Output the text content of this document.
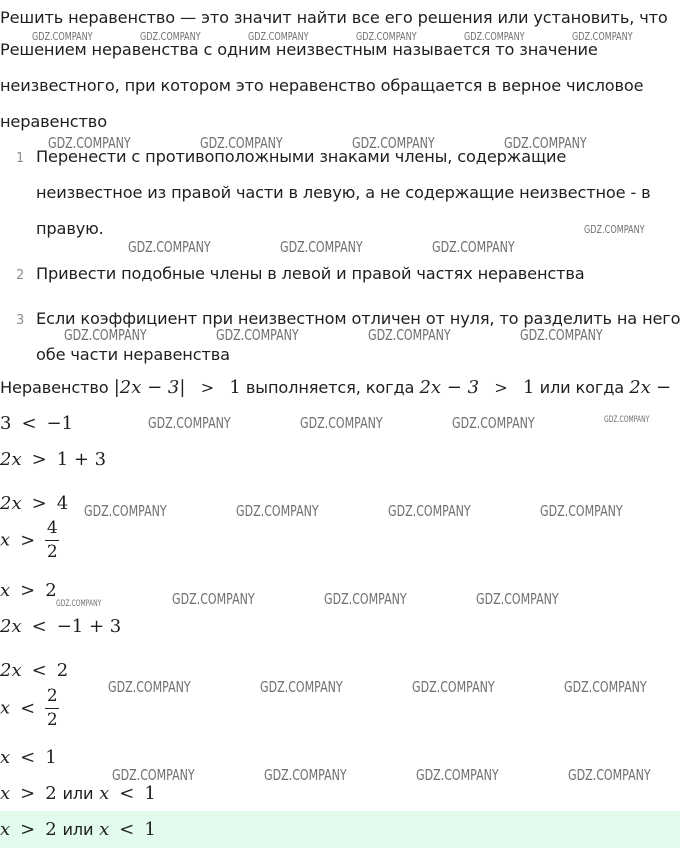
Решить неравенство — это значит найти все его решения или установить, что
Решением неравенства с одним неизвестным называется то значение
неизвестного, при котором это неравенство обращается в верное числовое
неравенство
1 Перенести с противоположными знаками члены, содержащие
неизвестное из правой части в левую, а не содержащие неизвестное - в
правую.
2 Привести подобные члены в левой и правой частях неравенства
3 Если коэффициент при неизвестном отличен от нуля, то разделить на него
обе части неравенства
Неравенство |2x − 3| > 1 выполняется, когда 2x − 3 > 1 или когда 2x −
3 < −1
2x > 1 + 3
2x > 4
$x > \frac{4}{2}$
x > 2
2x < −1 + 3
2x < 2
$x < \frac{2}{2}$
x < 1
x > 2 или x < 1
x > 2 или x < 1
GDZ.COMPANY	GDZ.COMPANY	GDZ.COMPANY	GDZ.COMPANY	GDZ.COMPANY	GDZ.COMPANY
GDZ.COMPANY	GDZ.COMPANY	GDZ.COMPANY	GDZ.COMPANY
GDZ.COMPANY
GDZ.COMPANY	GDZ.COMPANY	GDZ.COMPANY
GDZ.COMPANY	GDZ.COMPANY	GDZ.COMPANY	GDZ.COMPANY
GDZ.COMPANY	GDZ.COMPANY	GDZ.COMPANY	GDZ.COMPANY
GDZ.COMPANY	GDZ.COMPANY	GDZ.COMPANY	GDZ.COMPANY
GDZ.COMPANY	GDZ.COMPANY	GDZ.COMPANY	GDZ.COMPANY
GDZ.COMPANY	GDZ.COMPANY	GDZ.COMPANY	GDZ.COMPANY
GDZ.COMPANY	GDZ.COMPANY	GDZ.COMPANY	GDZ.COMPANY
